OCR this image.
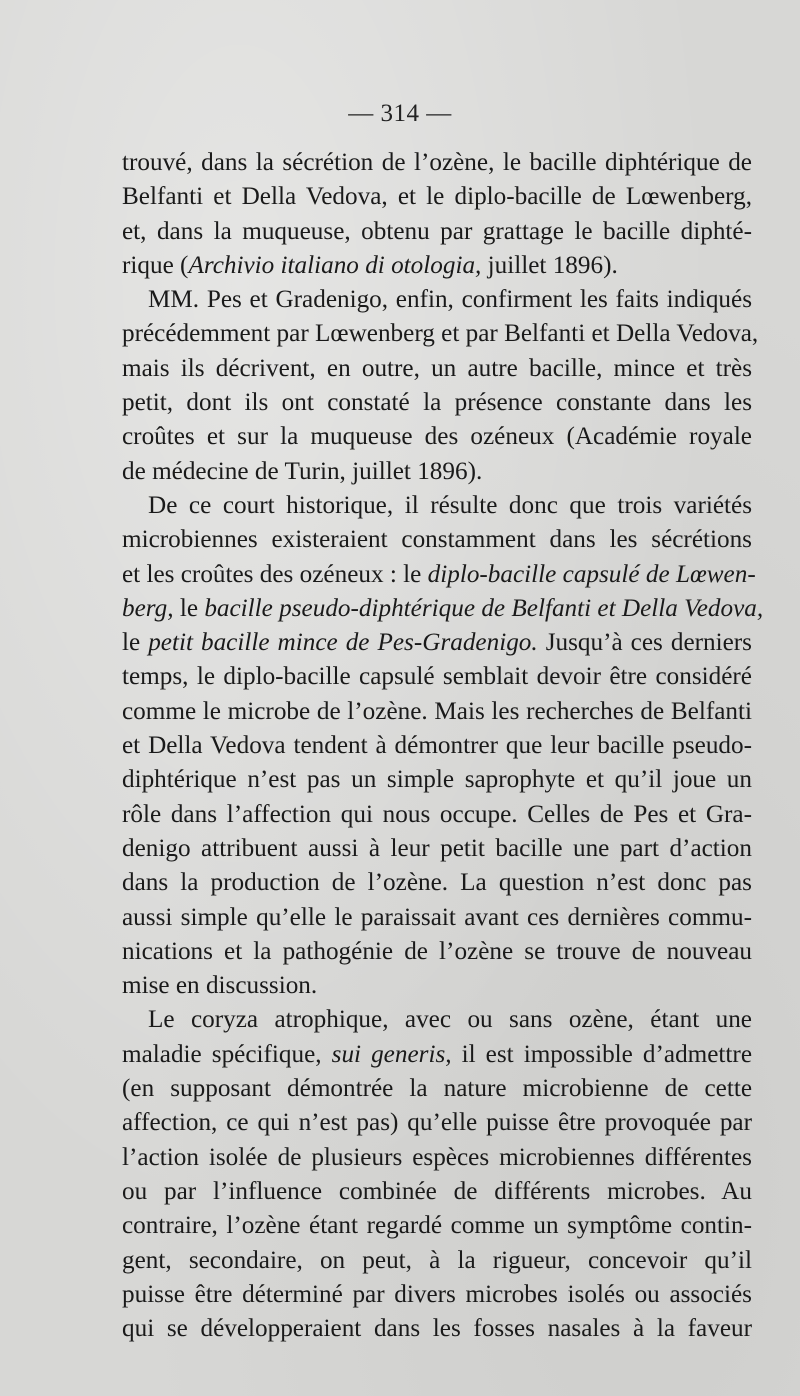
— 314 —
trouvé, dans la sécrétion de l’ozène, le bacille diphtérique de
Belfanti et Della Vedova, et le diplo-bacille de Lœwenberg,
et, dans la muqueuse, obtenu par grattage le bacille diphté-
rique (Archivio italiano di otologia, juillet 1896).
MM. Pes et Gradenigo, enfin, confirment les faits indiqués
précédemment par Lœwenberg et par Belfanti et Della Vedova,
mais ils décrivent, en outre, un autre bacille, mince et très
petit, dont ils ont constaté la présence constante dans les
croûtes et sur la muqueuse des ozéneux (Académie royale
de médecine de Turin, juillet 1896).
De ce court historique, il résulte donc que trois variétés
microbiennes existeraient constamment dans les sécrétions
et les croûtes des ozéneux : le diplo-bacille capsulé de Lœwen-
berg, le bacille pseudo-diphtérique de Belfanti et Della Vedova,
le petit bacille mince de Pes-Gradenigo. Jusqu’à ces derniers
temps, le diplo-bacille capsulé semblait devoir être considéré
comme le microbe de l’ozène. Mais les recherches de Belfanti
et Della Vedova tendent à démontrer que leur bacille pseudo-
diphtérique n’est pas un simple saprophyte et qu’il joue un
rôle dans l’affection qui nous occupe. Celles de Pes et Gra-
denigo attribuent aussi à leur petit bacille une part d’action
dans la production de l’ozène. La question n’est donc pas
aussi simple qu’elle le paraissait avant ces dernières commu-
nications et la pathogénie de l’ozène se trouve de nouveau
mise en discussion.
Le coryza atrophique, avec ou sans ozène, étant une
maladie spécifique, sui generis, il est impossible d’admettre
(en supposant démontrée la nature microbienne de cette
affection, ce qui n’est pas) qu’elle puisse être provoquée par
l’action isolée de plusieurs espèces microbiennes différentes
ou par l’influence combinée de différents microbes. Au
contraire, l’ozène étant regardé comme un symptôme contin-
gent, secondaire, on peut, à la rigueur, concevoir qu’il
puisse être déterminé par divers microbes isolés ou associés
qui se développeraient dans les fosses nasales à la faveur
